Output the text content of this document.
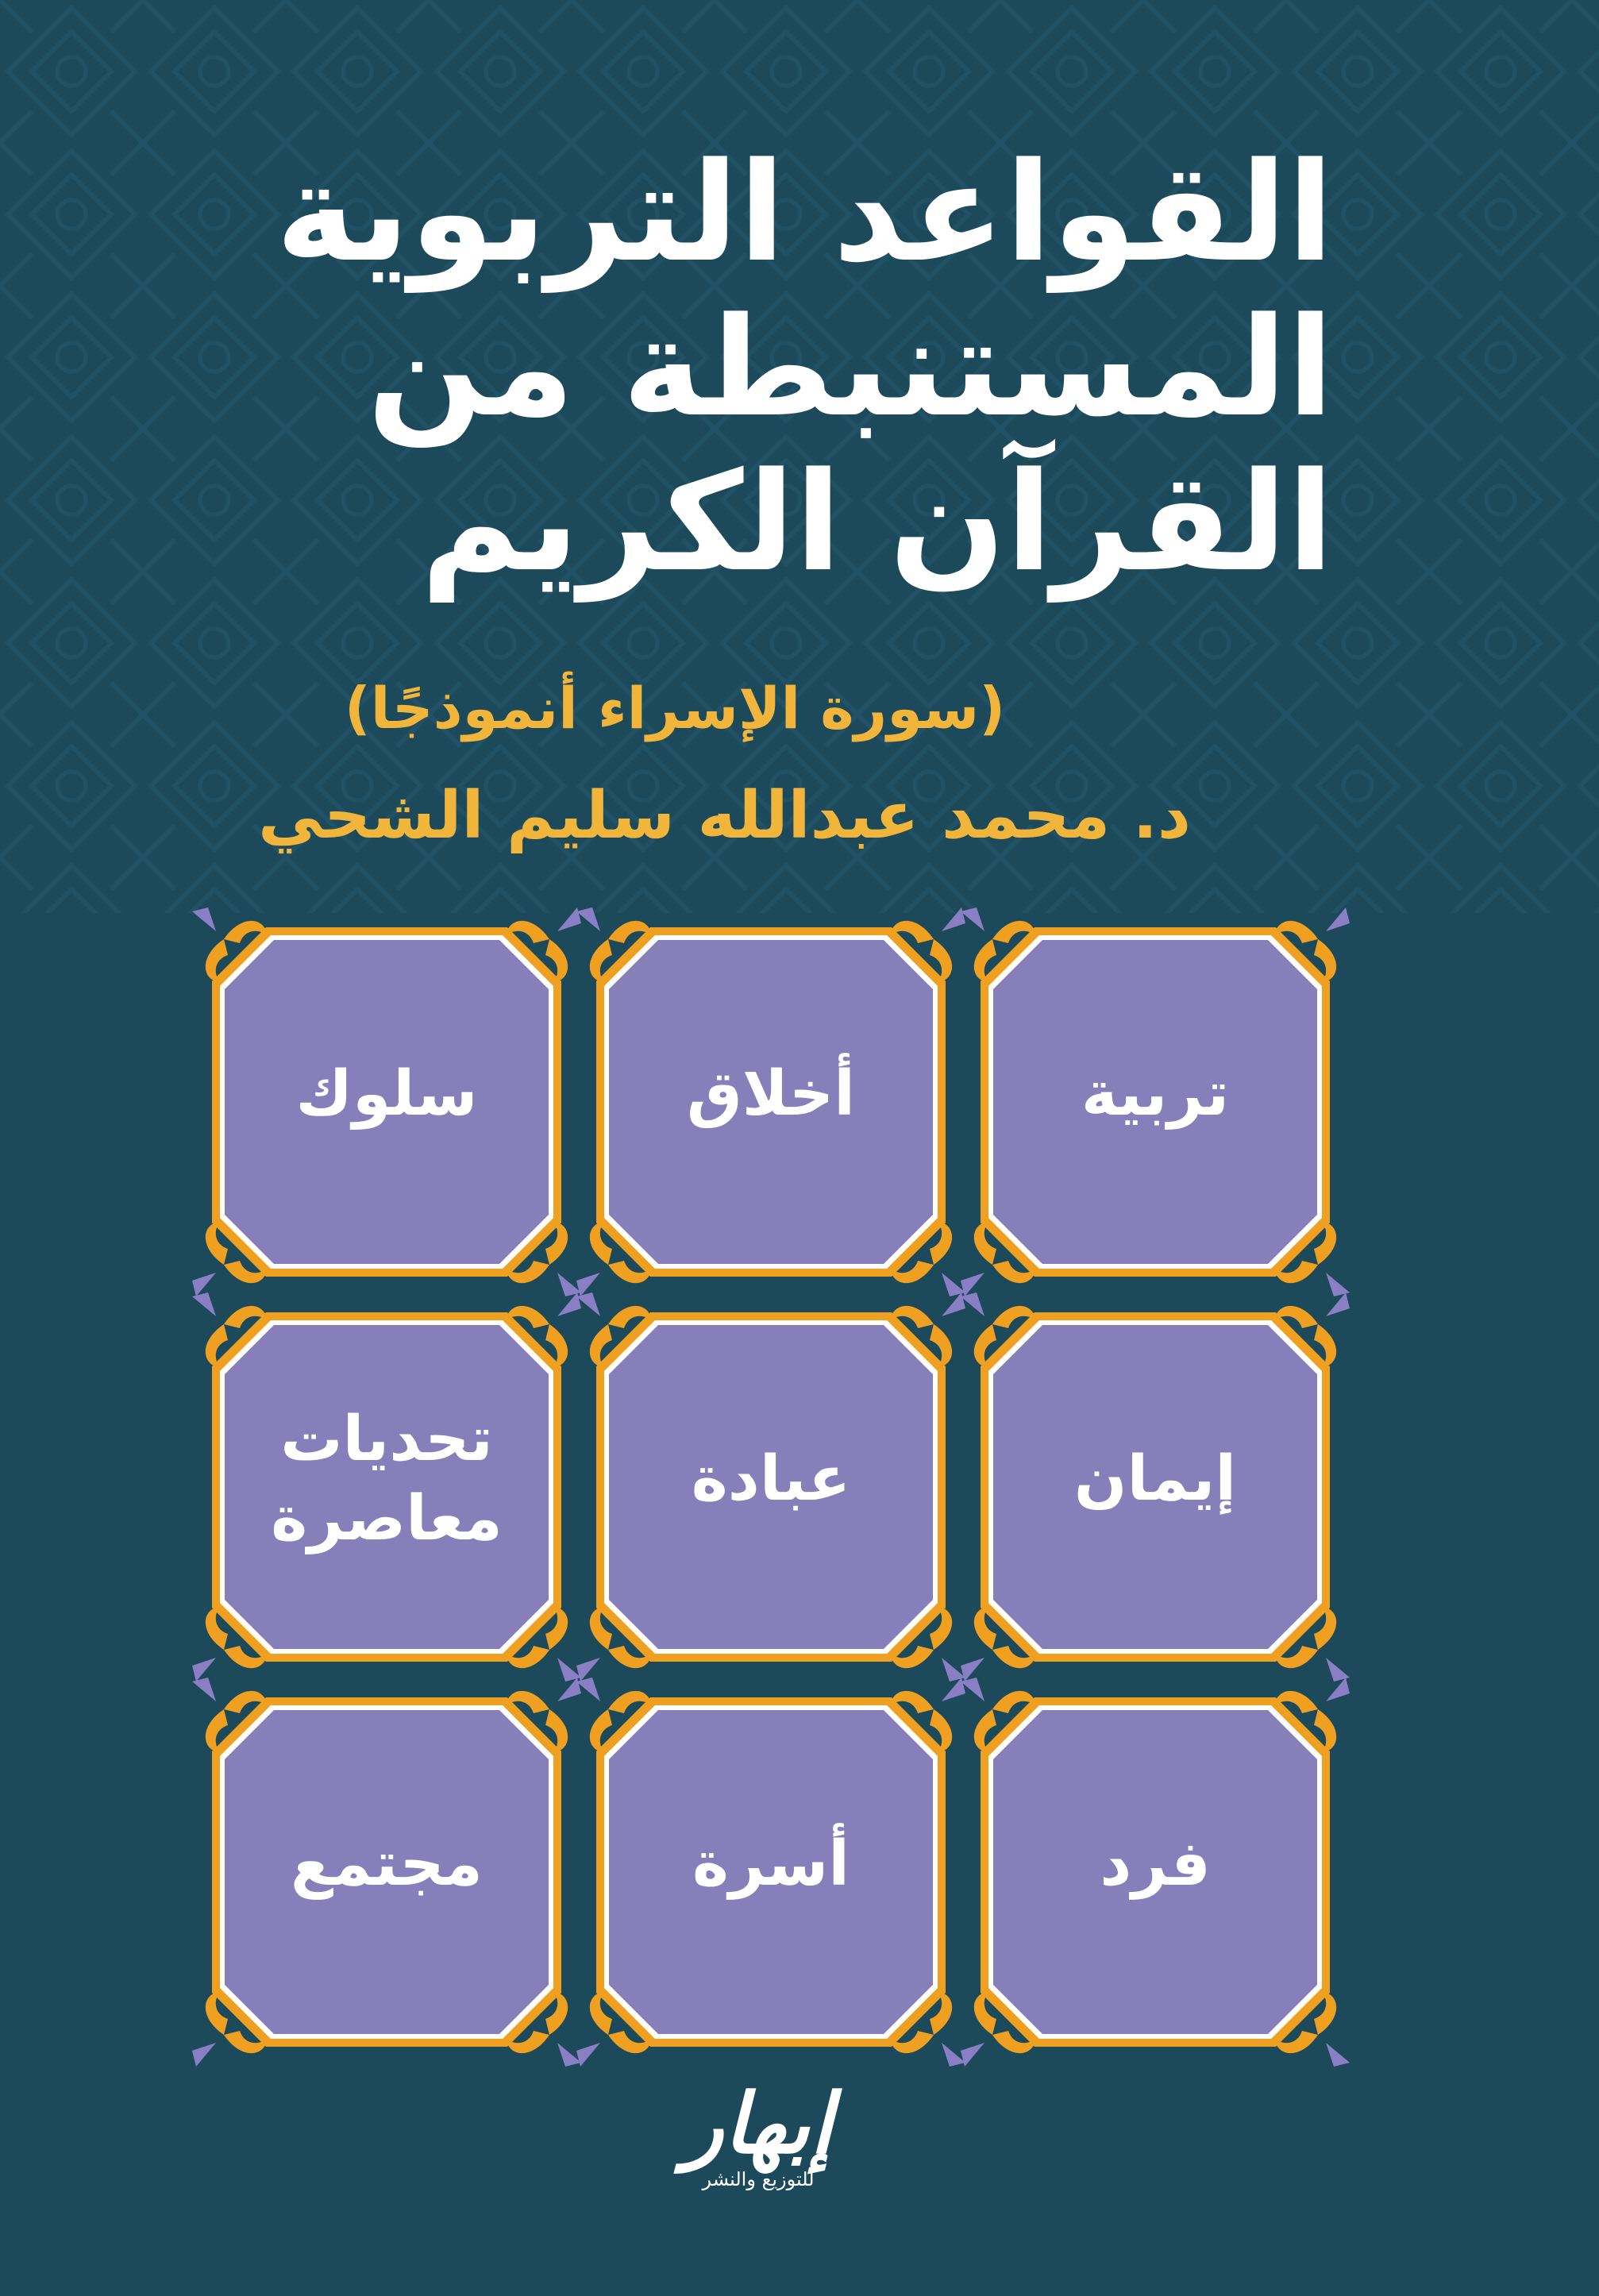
القواعد التربوية
المستنبطة من
القرآن الكريم
(سورة الإسراء أنموذجًا)
د. محمد عبدالله سليم الشحي
تربية
أخلاق
سلوك
إيمان
عبادة
تحديات معاصرة
فرد
أسرة
مجتمع
إبهار
للتوزيع والنشر
